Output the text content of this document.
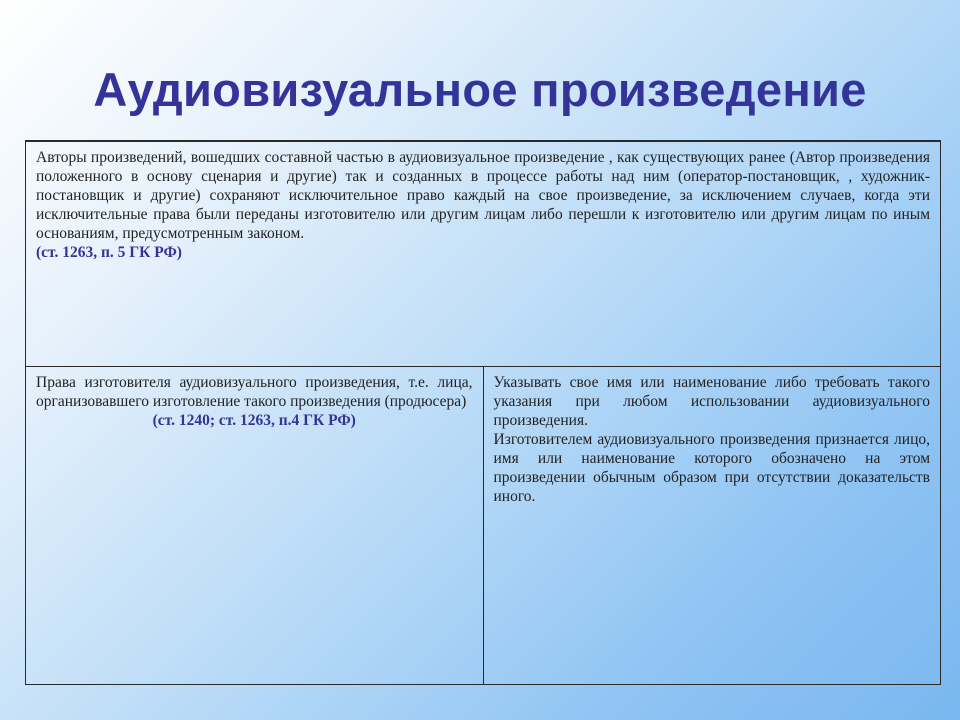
Аудиовизуальное произведение

Авторы произведений, вошедших составной частью в аудиовизуальное произведение , как существующих ранее (Автор произведения положенного в основу сценария и другие) так и созданных в процессе работы над ним (оператор-постановщик, , художник-постановщик и другие) сохраняют исключительное право каждый на свое произведение, за исключением случаев, когда эти исключительные права были переданы изготовителю или другим лицам либо перешли к изготовителю или другим лицам по иным основаниям, предусмотренным законом.

(ст. 1263, п. 5 ГК РФ)

Права изготовителя аудиовизуального произведения, т.е. лица, организовавшего изготовление такого произведения (продюсера)

(ст. 1240; ст. 1263, п.4 ГК РФ)

Указывать свое имя или наименование либо требовать такого указания при любом использовании аудиовизуального произведения.

Изготовителем аудиовизуального произведения признается лицо, имя или наименование которого обозначено на этом произведении обычным образом при отсутствии доказательств иного.
